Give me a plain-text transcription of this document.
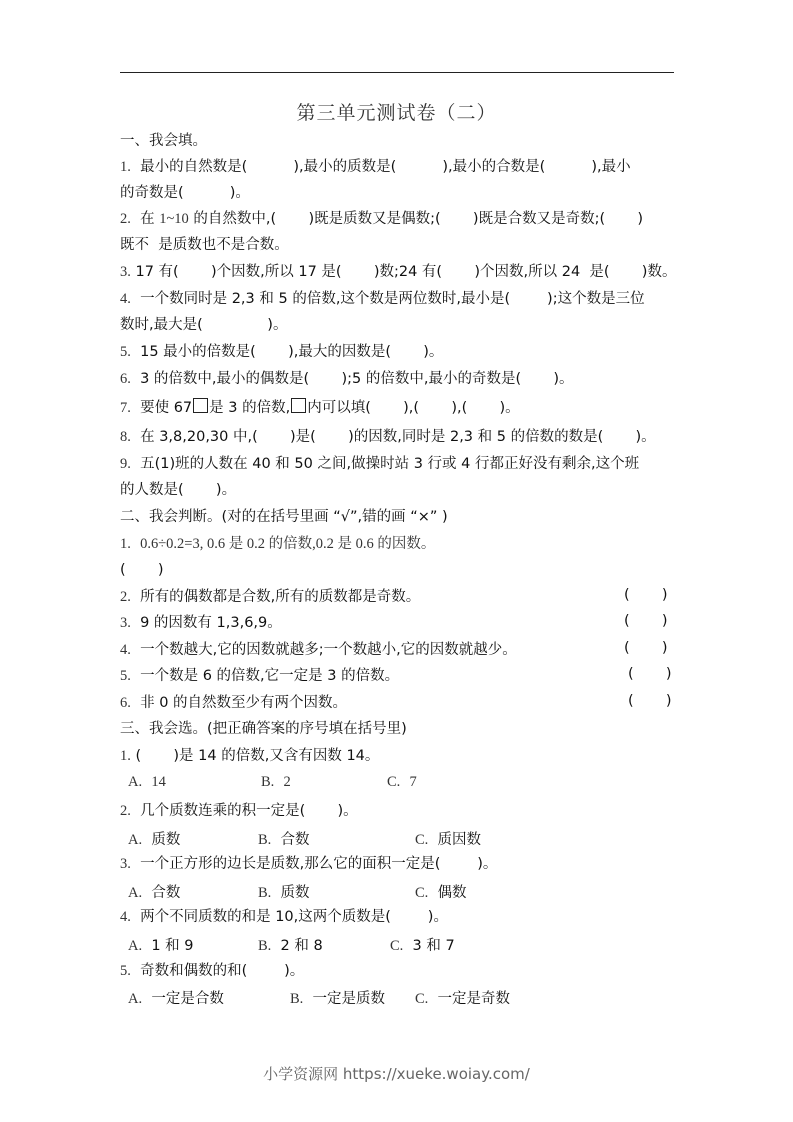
第三单元测试卷（二）
一、我会填。
1. 最小的自然数是(          ),最小的质数是(          ),最小的合数是(          ),最小
的奇数是(          )。
2. 在 1~10 的自然数中,(       )既是质数又是偶数;(       )既是合数又是奇数;(       )
既不  是质数也不是合数。
3. 17 有(       )个因数,所以 17 是(       )数;24 有(       )个因数,所以 24  是(       )数。
4. 一个数同时是 2,3 和 5 的倍数,这个数是两位数时,最小是(        );这个数是三位
数时,最大是(              )。
5. 15 最小的倍数是(       ),最大的因数是(       )。
6. 3 的倍数中,最小的偶数是(       );5 的倍数中,最小的奇数是(       )。
7. 要使 67 是 3 的倍数, 内可以填(       ),(       ),(       )。
8. 在 3,8,20,30 中,(       )是(       )的因数,同时是 2,3 和 5 的倍数的数是(       )。
9. 五(1)班的人数在 40 和 50 之间,做操时站 3 行或 4 行都正好没有剩余,这个班
的人数是(       )。
二、我会判断。(对的在括号里画 “√”,错的画 “×” )
1. 0.6÷0.2=3, 0.6 是 0.2 的倍数,0.2 是 0.6 的因数。
(       )
2. 所有的偶数都是合数,所有的质数都是奇数。	(       )
3. 9 的因数有 1,3,6,9。	(       )
4. 一个数越大,它的因数就越多;一个数越小,它的因数就越少。	(       )
5. 一个数是 6 的倍数,它一定是 3 的倍数。	(       )
6. 非 0 的自然数至少有两个因数。	(       )
三、我会选。(把正确答案的序号填在括号里)
1. (       )是 14 的倍数,又含有因数 14。
A. 14	B. 2	C. 7
2. 几个质数连乘的积一定是(       )。
A. 质数	B. 合数	C. 质因数
3. 一个正方形的边长是质数,那么它的面积一定是(        )。
A. 合数	B. 质数	C. 偶数
4. 两个不同质数的和是 10,这两个质数是(        )。
A. 1 和 9	B. 2 和 8	C. 3 和 7
5. 奇数和偶数的和(        )。
A. 一定是合数	B. 一定是质数 C. 一定是奇数
小学资源网 https://xueke.woiay.com/
